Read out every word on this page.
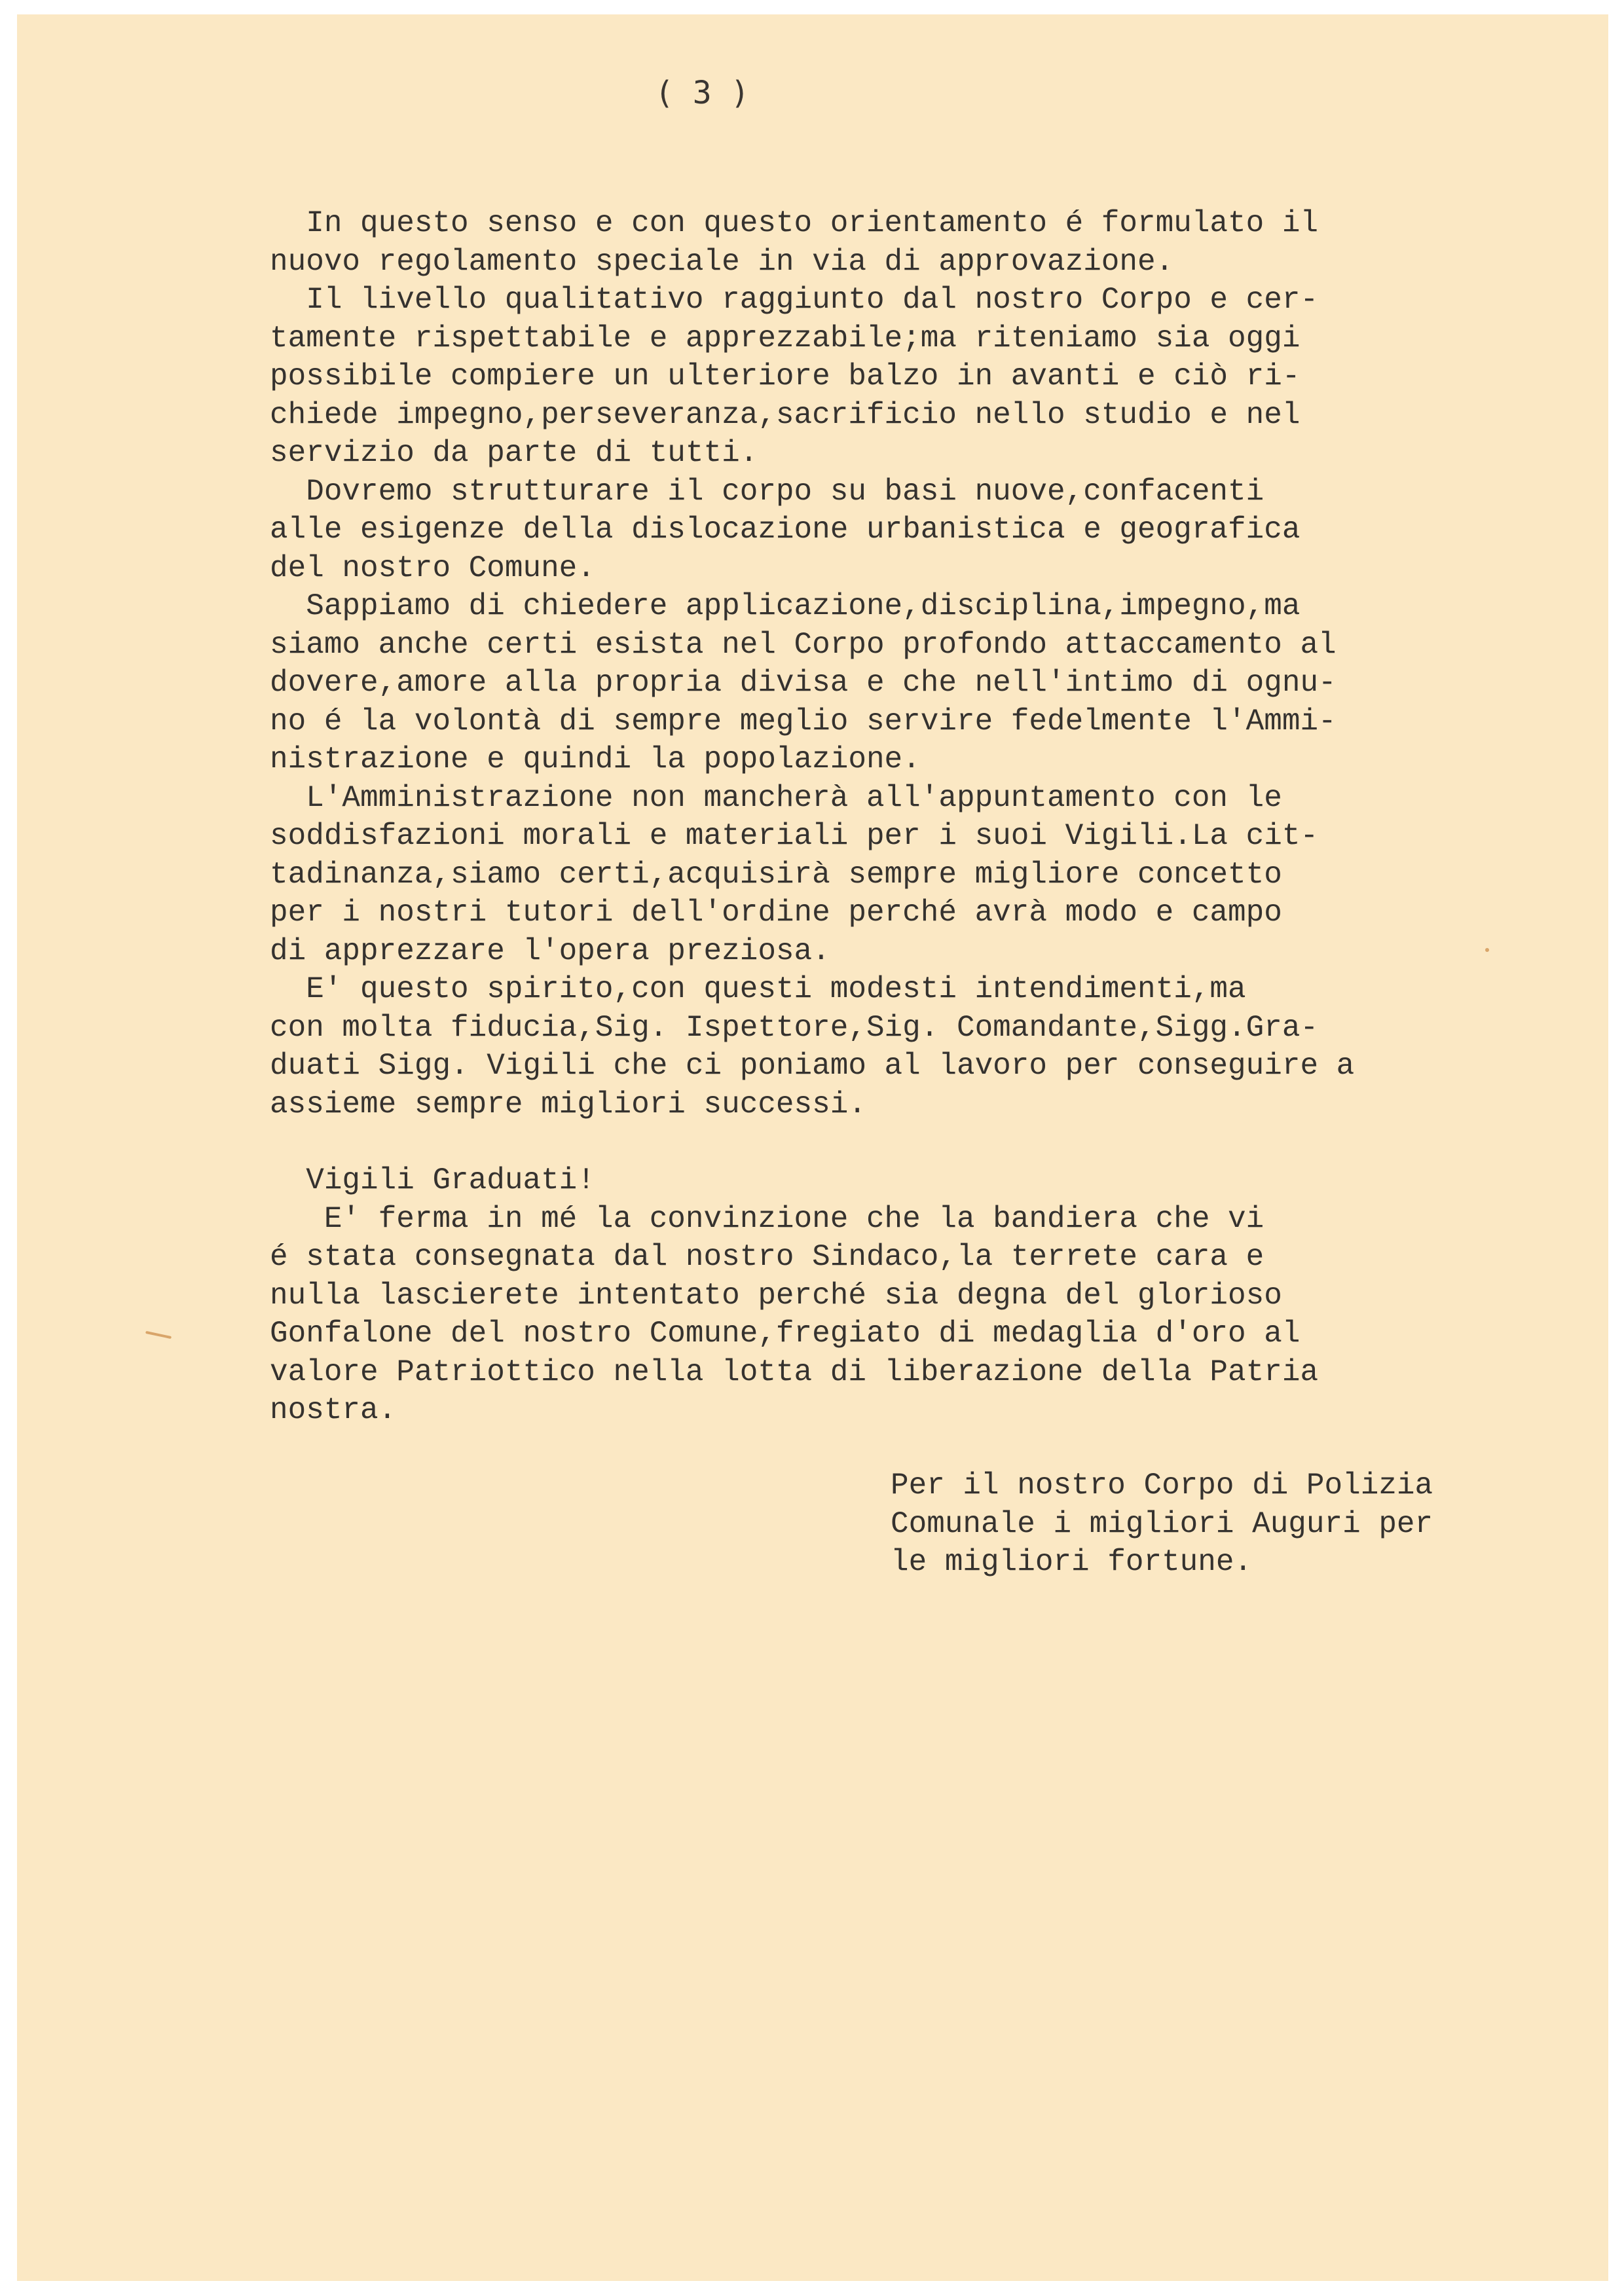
( 3 )
In questo senso e con questo orientamento é formulato il
nuovo regolamento speciale in via di approvazione.
Il livello qualitativo raggiunto dal nostro Corpo e cer-
tamente rispettabile e apprezzabile;ma riteniamo sia oggi
possibile compiere un ulteriore balzo in avanti e ciò ri-
chiede impegno,perseveranza,sacrificio nello studio e nel
servizio da parte di tutti.
Dovremo strutturare il corpo su basi nuove,confacenti
alle esigenze della dislocazione urbanistica e geografica
del nostro Comune.
Sappiamo di chiedere applicazione,disciplina,impegno,ma
siamo anche certi esista nel Corpo profondo attaccamento al
dovere,amore alla propria divisa e che nell'intimo di ognu-
no é la volontà di sempre meglio servire fedelmente l'Ammi-
nistrazione e quindi la popolazione.
L'Amministrazione non mancherà all'appuntamento con le
soddisfazioni morali e materiali per i suoi Vigili.La cit-
tadinanza,siamo certi,acquisirà sempre migliore concetto
per i nostri tutori dell'ordine perché avrà modo e campo
di apprezzare l'opera preziosa.
E' questo spirito,con questi modesti intendimenti,ma
con molta fiducia,Sig. Ispettore,Sig. Comandante,Sigg.Gra-
duati Sigg. Vigili che ci poniamo al lavoro per conseguire a
assieme sempre migliori successi.
Vigili Graduati!
E' ferma in mé la convinzione che la bandiera che vi
é stata consegnata dal nostro Sindaco,la terrete cara e
nulla lascierete intentato perché sia degna del glorioso
Gonfalone del nostro Comune,fregiato di medaglia d'oro al
valore Patriottico nella lotta di liberazione della Patria
nostra.
Per il nostro Corpo di Polizia
Comunale i migliori Auguri per
le migliori fortune.
